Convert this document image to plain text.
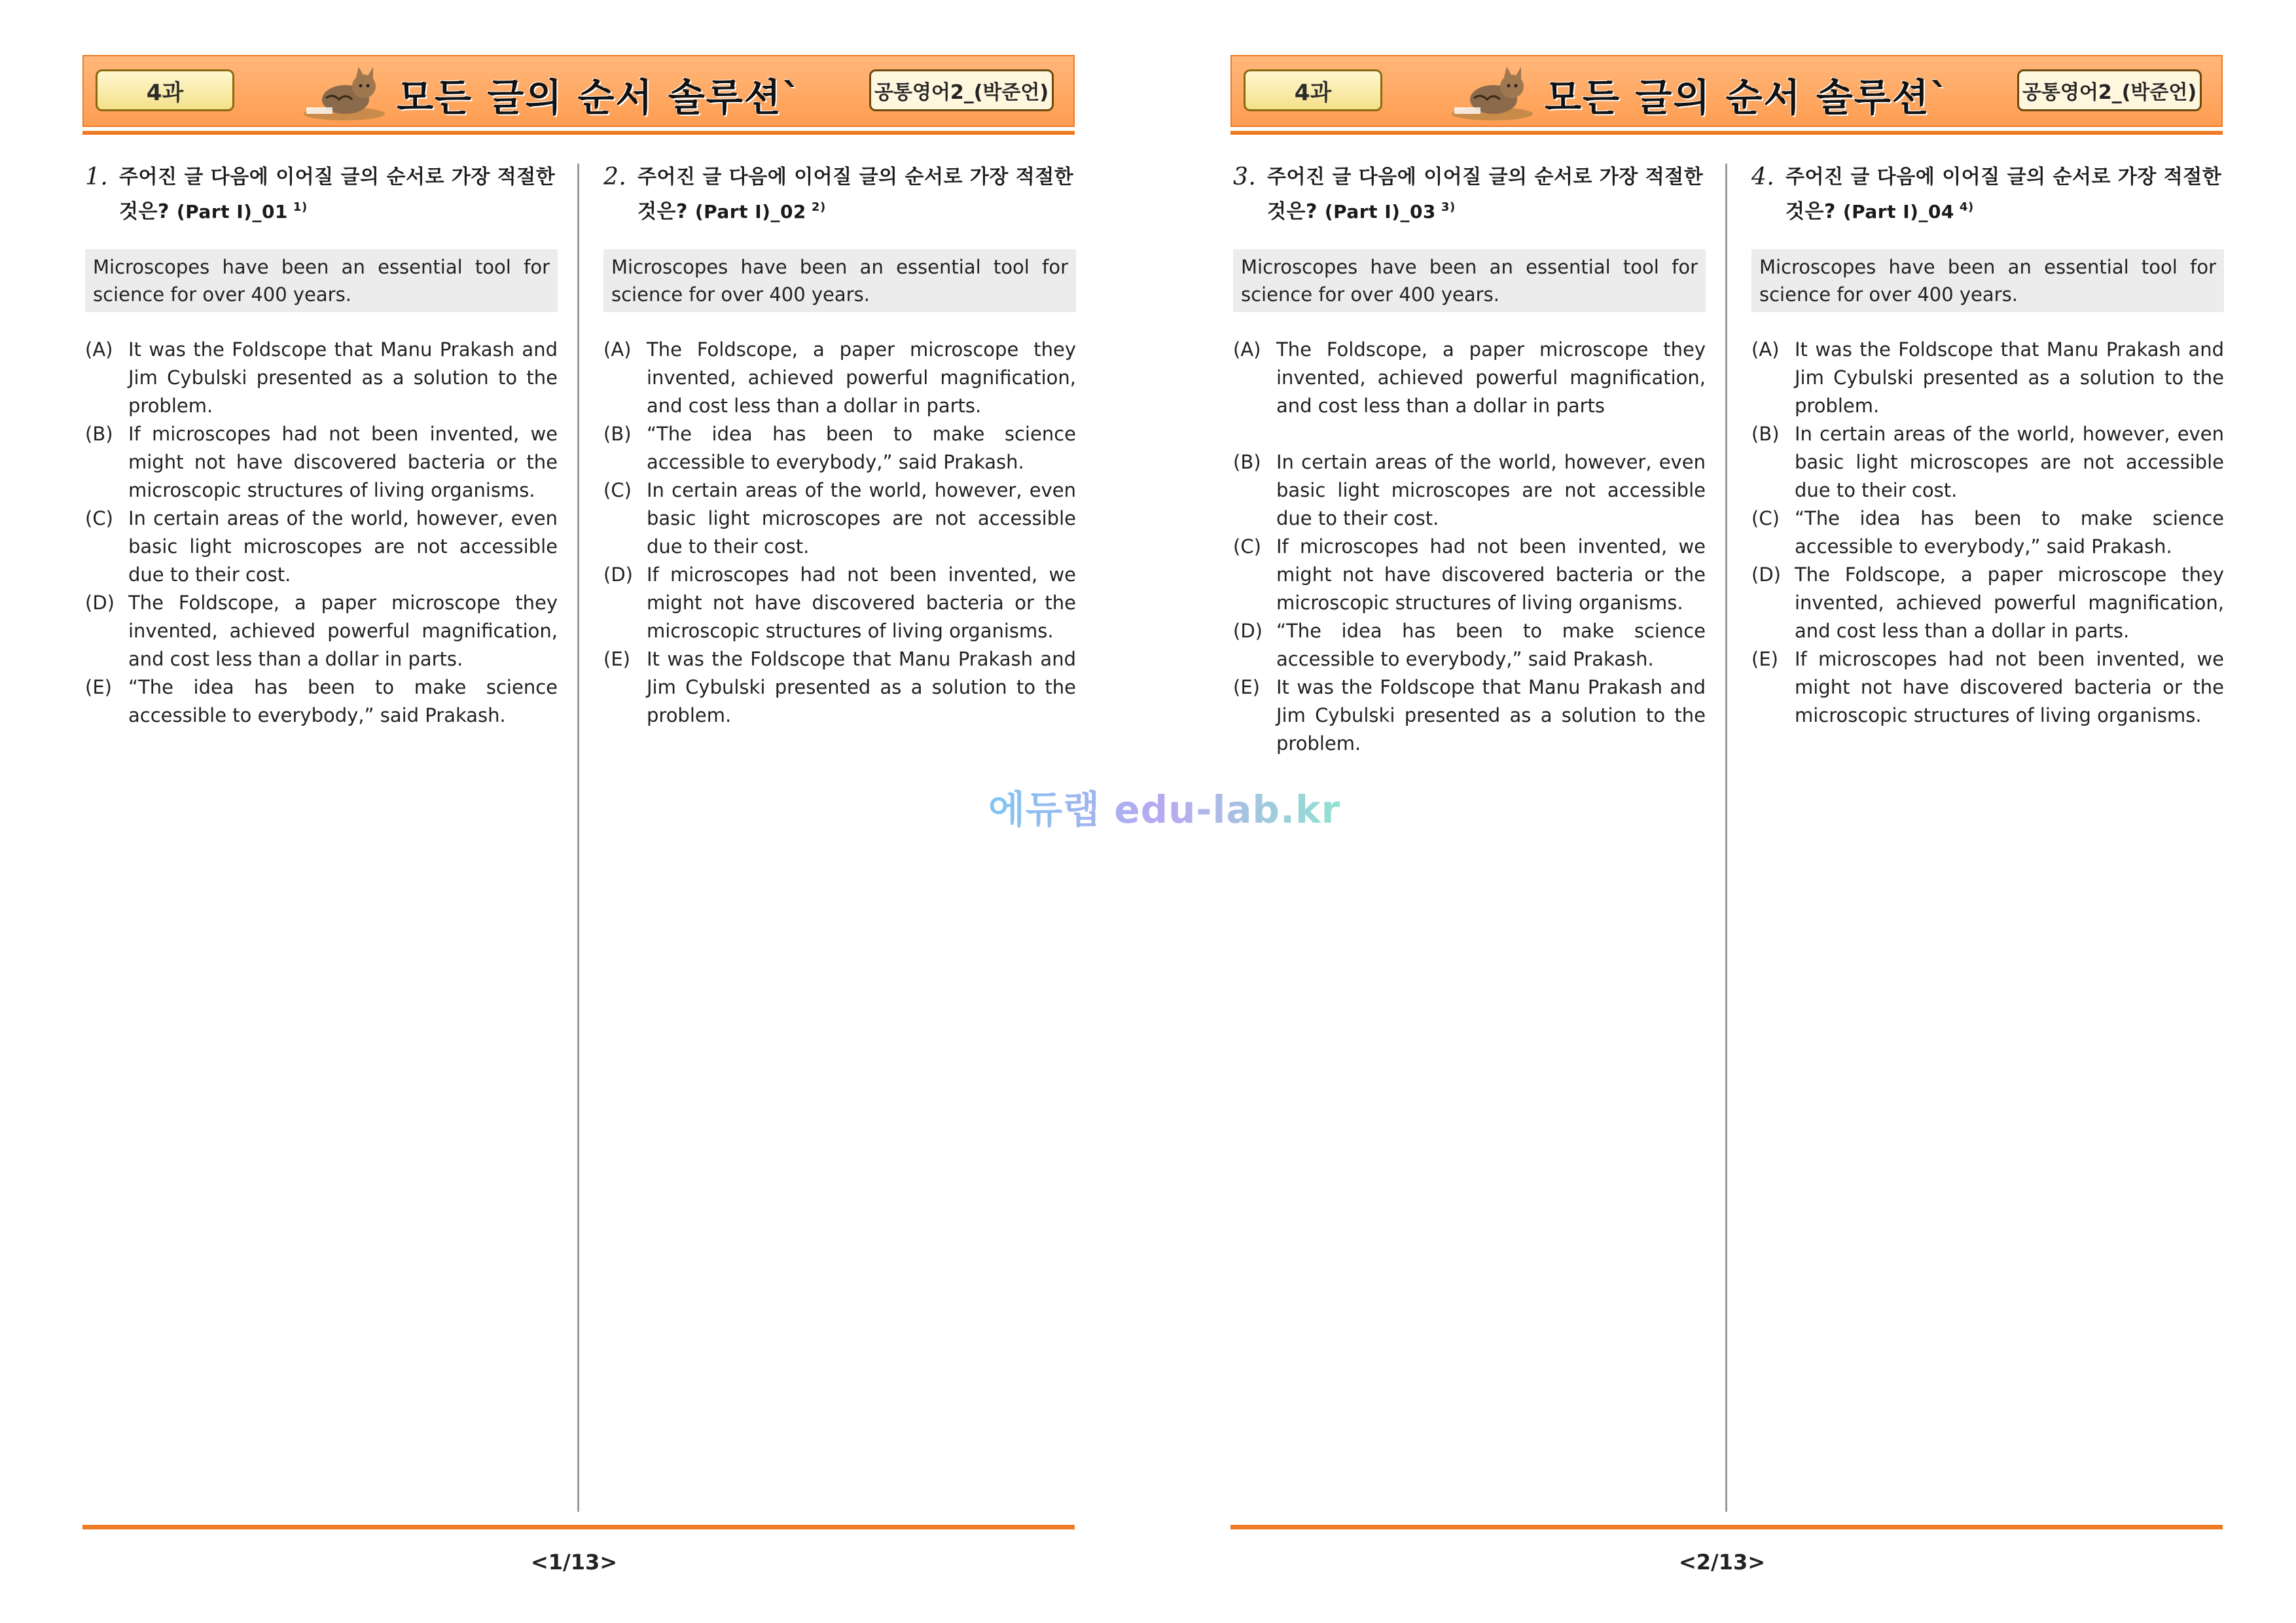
4과	모든 글의 순서 솔루션`	공통영어2_(박준언)
1. 주어진 글 다음에 이어질 글의 순서로 가장 적절한 것은? (Part Ⅰ)_01 $^{1)}$
Microscopes have been an essential tool for science for over 400 years.
(A) It was the Foldscope that Manu Prakash and Jim Cybulski presented as a solution to the problem.
(B) If microscopes had not been invented, we might not have discovered bacteria or the microscopic structures of living organisms.
(C) In certain areas of the world, however, even basic light microscopes are not accessible due to their cost.
(D) The Foldscope, a paper microscope they invented, achieved powerful magnification, and cost less than a dollar in parts.
(E) “The idea has been to make science accessible to everybody,” said Prakash.
2. 주어진 글 다음에 이어질 글의 순서로 가장 적절한 것은? (Part Ⅰ)_02 $^{2)}$
Microscopes have been an essential tool for science for over 400 years.
(A) The Foldscope, a paper microscope they invented, achieved powerful magnification, and cost less than a dollar in parts.
(B) “The idea has been to make science accessible to everybody,” said Prakash.
(C) In certain areas of the world, however, even basic light microscopes are not accessible due to their cost.
(D) If microscopes had not been invented, we might not have discovered bacteria or the microscopic structures of living organisms.
(E) It was the Foldscope that Manu Prakash and Jim Cybulski presented as a solution to the problem.
<1/13>
4과	모든 글의 순서 솔루션`	공통영어2_(박준언)
3. 주어진 글 다음에 이어질 글의 순서로 가장 적절한 것은? (Part Ⅰ)_03 $^{3)}$
Microscopes have been an essential tool for science for over 400 years.
(A) The Foldscope, a paper microscope they invented, achieved powerful magnification, and cost less than a dollar in parts
(B) In certain areas of the world, however, even basic light microscopes are not accessible due to their cost.
(C) If microscopes had not been invented, we might not have discovered bacteria or the microscopic structures of living organisms.
(D) “The idea has been to make science accessible to everybody,” said Prakash.
(E) It was the Foldscope that Manu Prakash and Jim Cybulski presented as a solution to the problem.
4. 주어진 글 다음에 이어질 글의 순서로 가장 적절한 것은? (Part Ⅰ)_04 $^{4)}$
Microscopes have been an essential tool for science for over 400 years.
(A) It was the Foldscope that Manu Prakash and Jim Cybulski presented as a solution to the problem.
(B) In certain areas of the world, however, even basic light microscopes are not accessible due to their cost.
(C) “The idea has been to make science accessible to everybody,” said Prakash.
(D) The Foldscope, a paper microscope they invented, achieved powerful magnification, and cost less than a dollar in parts.
(E) If microscopes had not been invented, we might not have discovered bacteria or the microscopic structures of living organisms.
<2/13>
에듀랩 edu-lab.kr
